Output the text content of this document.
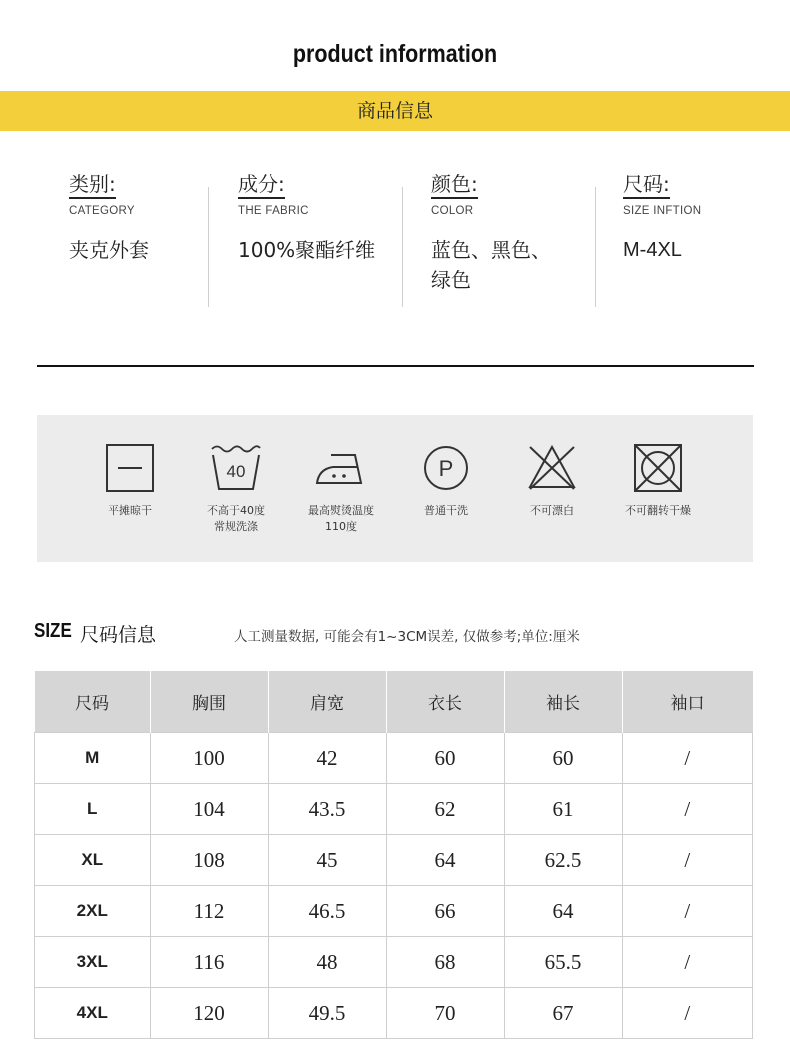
product information
商品信息
类别:
CATEGORY
夹克外套
成分:
THE FABRIC
100%聚酯纤维
颜色:
COLOR
蓝色、黑色、绿色
尺码:
SIZE INFTION
M-4XL
平摊晾干
40
不高于40度
常规洗涤
最高熨烫温度
110度
P
普通干洗	不可漂白	不可翻转干燥
SIZE 尺码信息	人工测量数据, 可能会有1~3CM误差, 仅做参考;单位:厘米
尺码	胸围	肩宽	衣长	袖长	袖口
M	100	42	60	60	/
L	104	43.5	62	61	/
XL	108	45	64	62.5	/
2XL	112	46.5	66	64	/
3XL	116	48	68	65.5	/
4XL	120	49.5	70	67	/
